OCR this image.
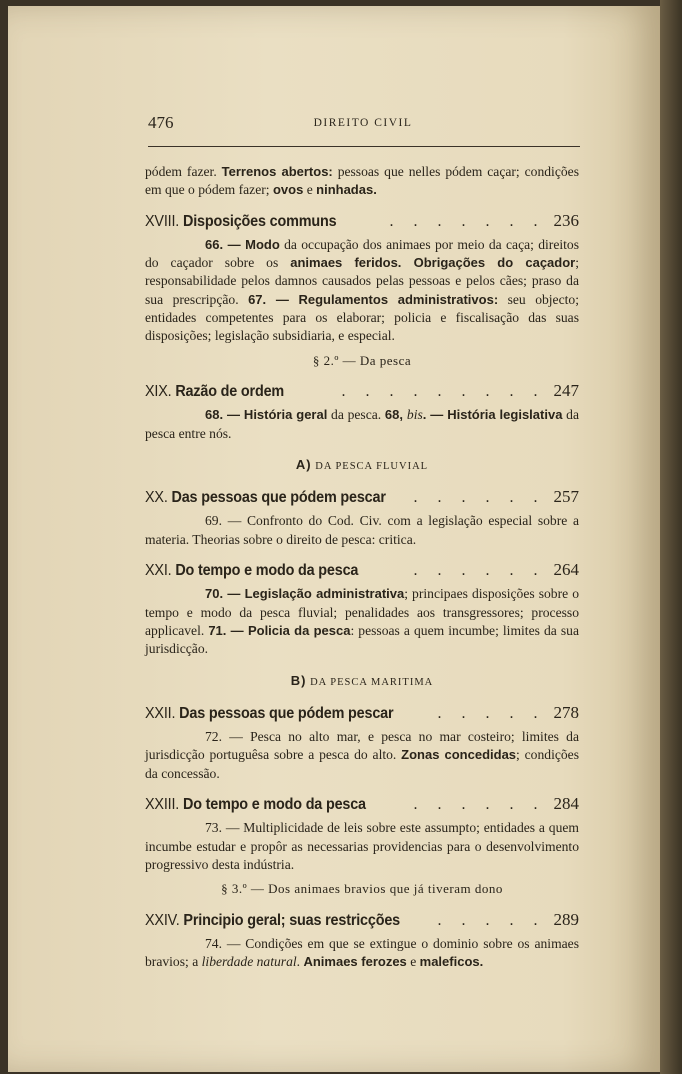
476	DIREITO CIVIL

pódem fazer. Terrenos abertos: pessoas que nelles pódem caçar; condições em que o pódem fazer; ovos e ninhadas.

XVIII. Disposições communs	. . . . . . . 236

66. — Modo da occupação dos animaes por meio da caça; direitos do caçador sobre os animaes feridos. Obrigações do caçador; responsabilidade pelos damnos causados pelas pessoas e pelos cães; praso da sua prescripção. 67. — Regulamentos administrativos: seu objecto; entidades competentes para os elaborar; policia e fiscalisação das suas disposições; legislação subsidiaria, e especial.

§ 2.º — Da pesca
XIX. Razão de ordem	. . . . . . . . . 247

68. — História geral da pesca. 68, bis. — História legislativa da pesca entre nós.

A) DA PESCA FLUVIAL
XX. Das pessoas que pódem pescar . . . . . . 257

69. — Confronto do Cod. Civ. com a legislação especial sobre a materia. Theorias sobre o direito de pesca: critica.

XXI. Do tempo e modo da pesca	. . . . . . 264

70. — Legislação administrativa; principaes disposições sobre o tempo e modo da pesca fluvial; penalidades aos transgressores; processo applicavel. 71. — Policia da pesca: pessoas a quem incumbe; limites da sua jurisdicção.

B) DA PESCA MARITIMA
XXII. Das pessoas que pódem pescar	. . . . . 278

72. — Pesca no alto mar, e pesca no mar costeiro; limites da jurisdicção portuguêsa sobre a pesca do alto. Zonas concedidas; condições da concessão.

XXIII. Do tempo e modo da pesca	. . . . . . 284

73. — Multiplicidade de leis sobre este assumpto; entidades a quem incumbe estudar e propôr as necessarias providencias para o desenvolvimento progressivo desta indústria.

§ 3.º — Dos animaes bravios que já tiveram dono
XXIV. Principio geral; suas restricções	. . . . . 289

74. — Condições em que se extingue o dominio sobre os animaes bravios; a liberdade natural. Animaes ferozes e maleficos.
